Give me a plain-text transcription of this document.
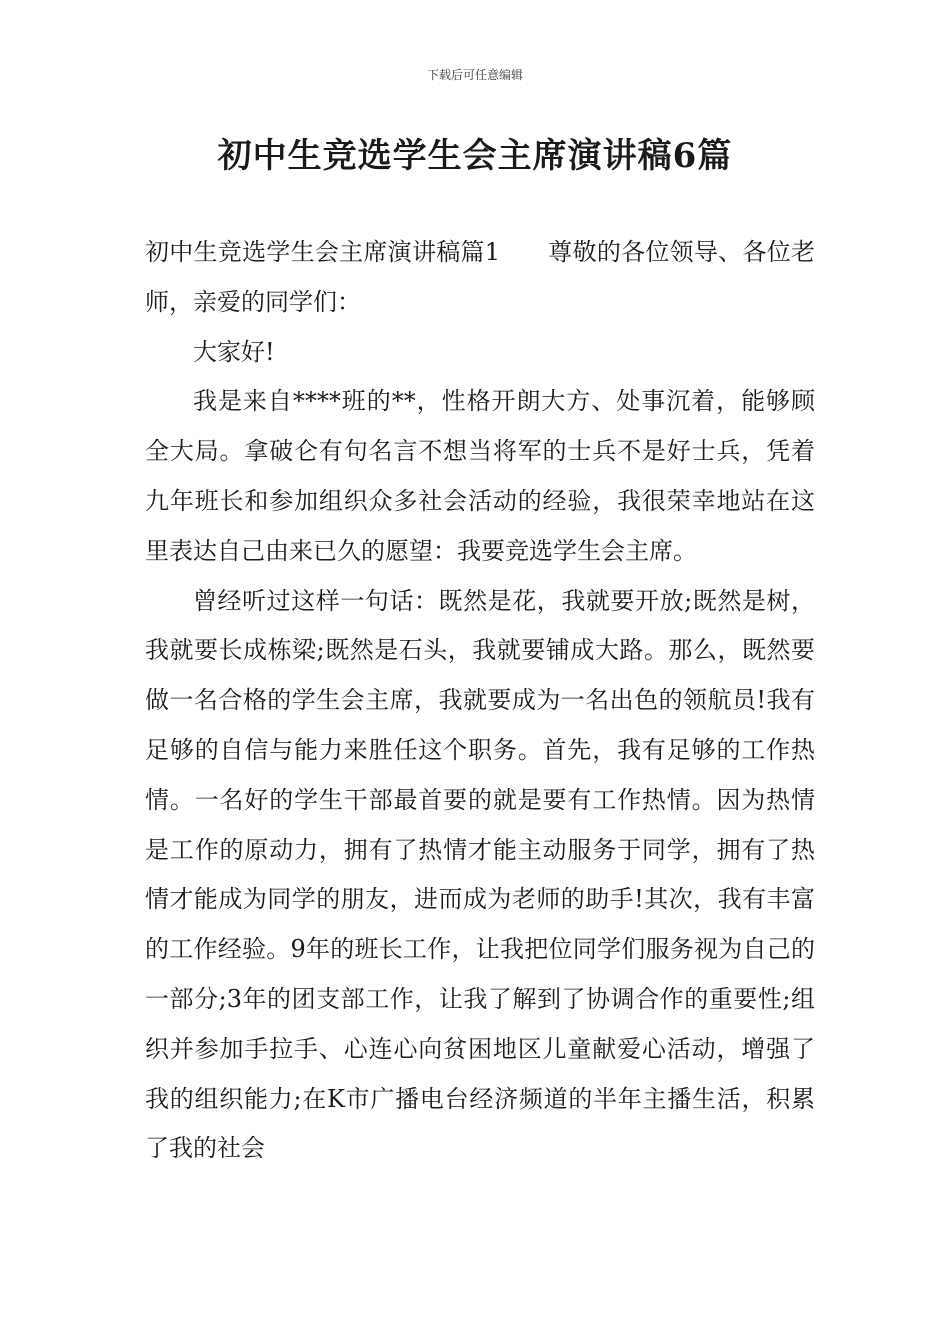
下载后可任意编辑
初中生竞选学生会主席演讲稿6篇

初中生竞选学生会主席演讲稿篇1 尊敬的各位领导、各位老师，亲爱的同学们：

大家好!

我是来自****班的**，性格开朗大方、处事沉着，能够顾全大局。拿破仑有句名言不想当将军的士兵不是好士兵，凭着九年班长和参加组织众多社会活动的经验，我很荣幸地站在这里表达自己由来已久的愿望：我要竞选学生会主席。

曾经听过这样一句话：既然是花，我就要开放;既然是树，我就要长成栋梁;既然是石头，我就要铺成大路。那么，既然要做一名合格的学生会主席，我就要成为一名出色的领航员!我有足够的自信与能力来胜任这个职务。首先，我有足够的工作热情。一名好的学生干部最首要的就是要有工作热情。因为热情是工作的原动力，拥有了热情才能主动服务于同学，拥有了热情才能成为同学的朋友，进而成为老师的助手!其次，我有丰富的工作经验。9年的班长工作，让我把位同学们服务视为自己的一部分;3年的团支部工作，让我了解到了协调合作的重要性;组织并参加手拉手、心连心向贫困地区儿童献爱心活动，增强了我的组织能力;在K市广播电台经济频道的半年主播生活，积累了我的社会
